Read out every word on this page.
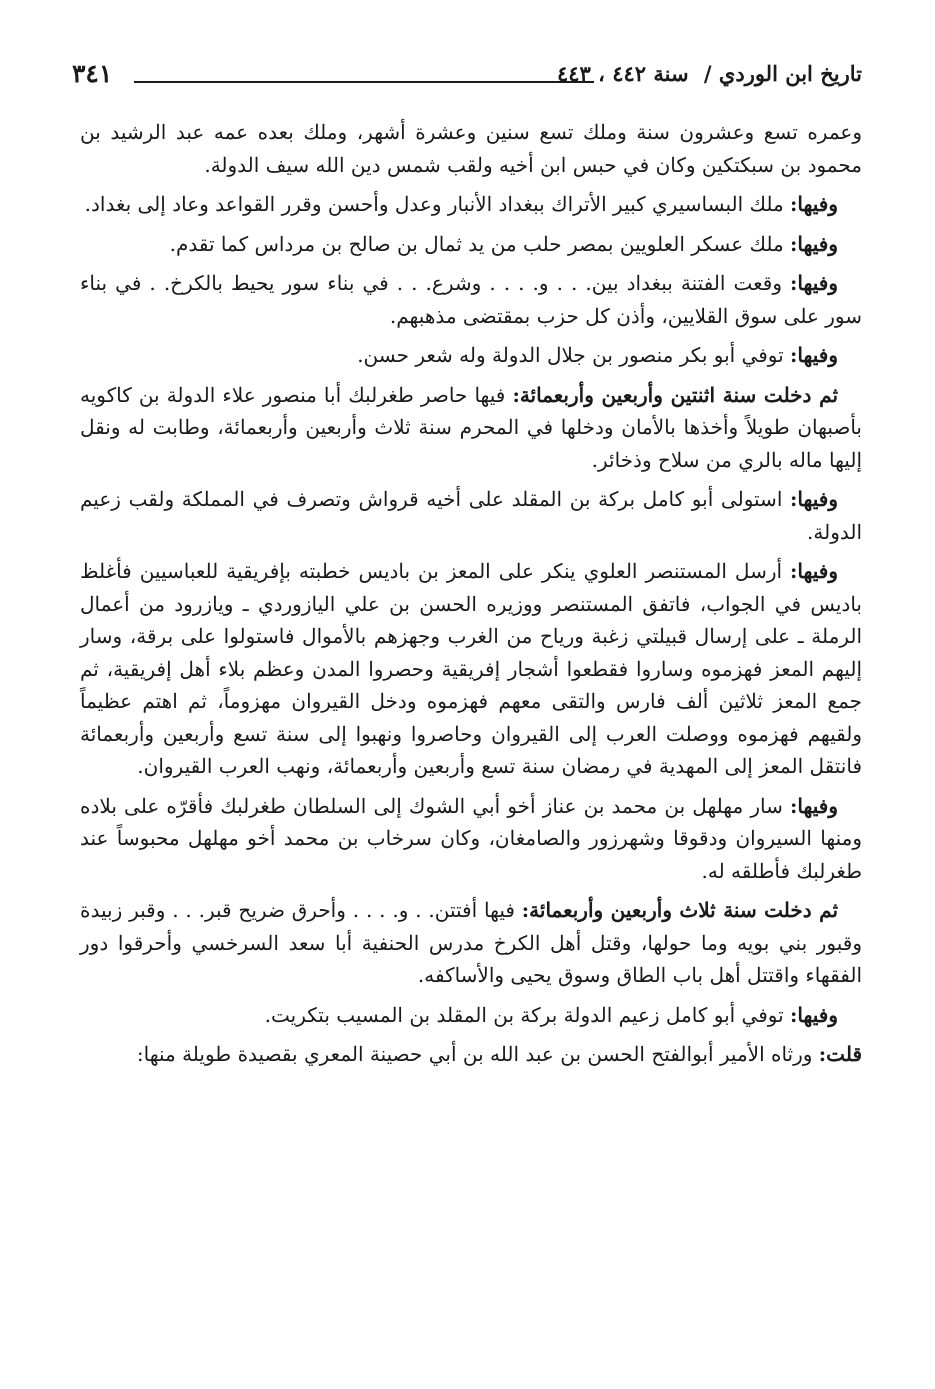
٣٤١	تاريخ ابن الوردي / سنة ٤٤٢ ، ٤٤٣

وعمره تسع وعشرون سنة وملك تسع سنين وعشرة أشهر، وملك بعده عمه عبد الرشيد بن محمود بن سبكتكين وكان في حبس ابن أخيه ولقب شمس دين الله سيف الدولة.

وفيها: ملك البساسيري كبير الأتراك ببغداد الأنبار وعدل وأحسن وقرر القواعد وعاد إلى بغداد.

وفيها: ملك عسكر العلويين بمصر حلب من يد ثمال بن صالح بن مرداس كما تقدم.

وفيها: وقعت الفتنة ببغداد بين. . . و. . . . وشرع. . . في بناء سور يحيط بالكرخ. . في بناء سور على سوق القلايين، وأذن كل حزب بمقتضى مذهبهم.

وفيها: توفي أبو بكر منصور بن جلال الدولة وله شعر حسن.

ثم دخلت سنة اثنتين وأربعين وأربعمائة: فيها حاصر طغرلبك أبا منصور علاء الدولة بن كاكويه بأصبهان طويلاً وأخذها بالأمان ودخلها في المحرم سنة ثلاث وأربعين وأربعمائة، وطابت له ونقل إليها ماله بالري من سلاح وذخائر.

وفيها: استولى أبو كامل بركة بن المقلد على أخيه قرواش وتصرف في المملكة ولقب زعيم الدولة.

وفيها: أرسل المستنصر العلوي ينكر على المعز بن باديس خطبته بإفريقية للعباسيين فأغلظ باديس في الجواب، فاتفق المستنصر ووزيره الحسن بن علي اليازوردي ـ ويازرود من أعمال الرملة ـ على إرسال قبيلتي زغبة ورياح من الغرب وجهزهم بالأموال فاستولوا على برقة، وسار إليهم المعز فهزموه وساروا فقطعوا أشجار إفريقية وحصروا المدن وعظم بلاء أهل إفريقية، ثم جمع المعز ثلاثين ألف فارس والتقى معهم فهزموه ودخل القيروان مهزوماً، ثم اهتم عظيماً ولقيهم فهزموه ووصلت العرب إلى القيروان وحاصروا ونهبوا إلى سنة تسع وأربعين وأربعمائة فانتقل المعز إلى المهدية في رمضان سنة تسع وأربعين وأربعمائة، ونهب العرب القيروان.

وفيها: سار مهلهل بن محمد بن عناز أخو أبي الشوك إلى السلطان طغرلبك فأقرّه على بلاده ومنها السيروان ودقوقا وشهرزور والصامغان، وكان سرخاب بن محمد أخو مهلهل محبوساً عند طغرلبك فأطلقه له.

ثم دخلت سنة ثلاث وأربعين وأربعمائة: فيها أفتتن. . و. . . . وأحرق ضريح قبر. . . وقبر زبيدة وقبور بني بويه وما حولها، وقتل أهل الكرخ مدرس الحنفية أبا سعد السرخسي وأحرقوا دور الفقهاء واقتتل أهل باب الطاق وسوق يحيى والأساكفه.

وفيها: توفي أبو كامل زعيم الدولة بركة بن المقلد بن المسيب بتكريت.

قلت: ورثاه الأمير أبوالفتح الحسن بن عبد الله بن أبي حصينة المعري بقصيدة طويلة منها:
